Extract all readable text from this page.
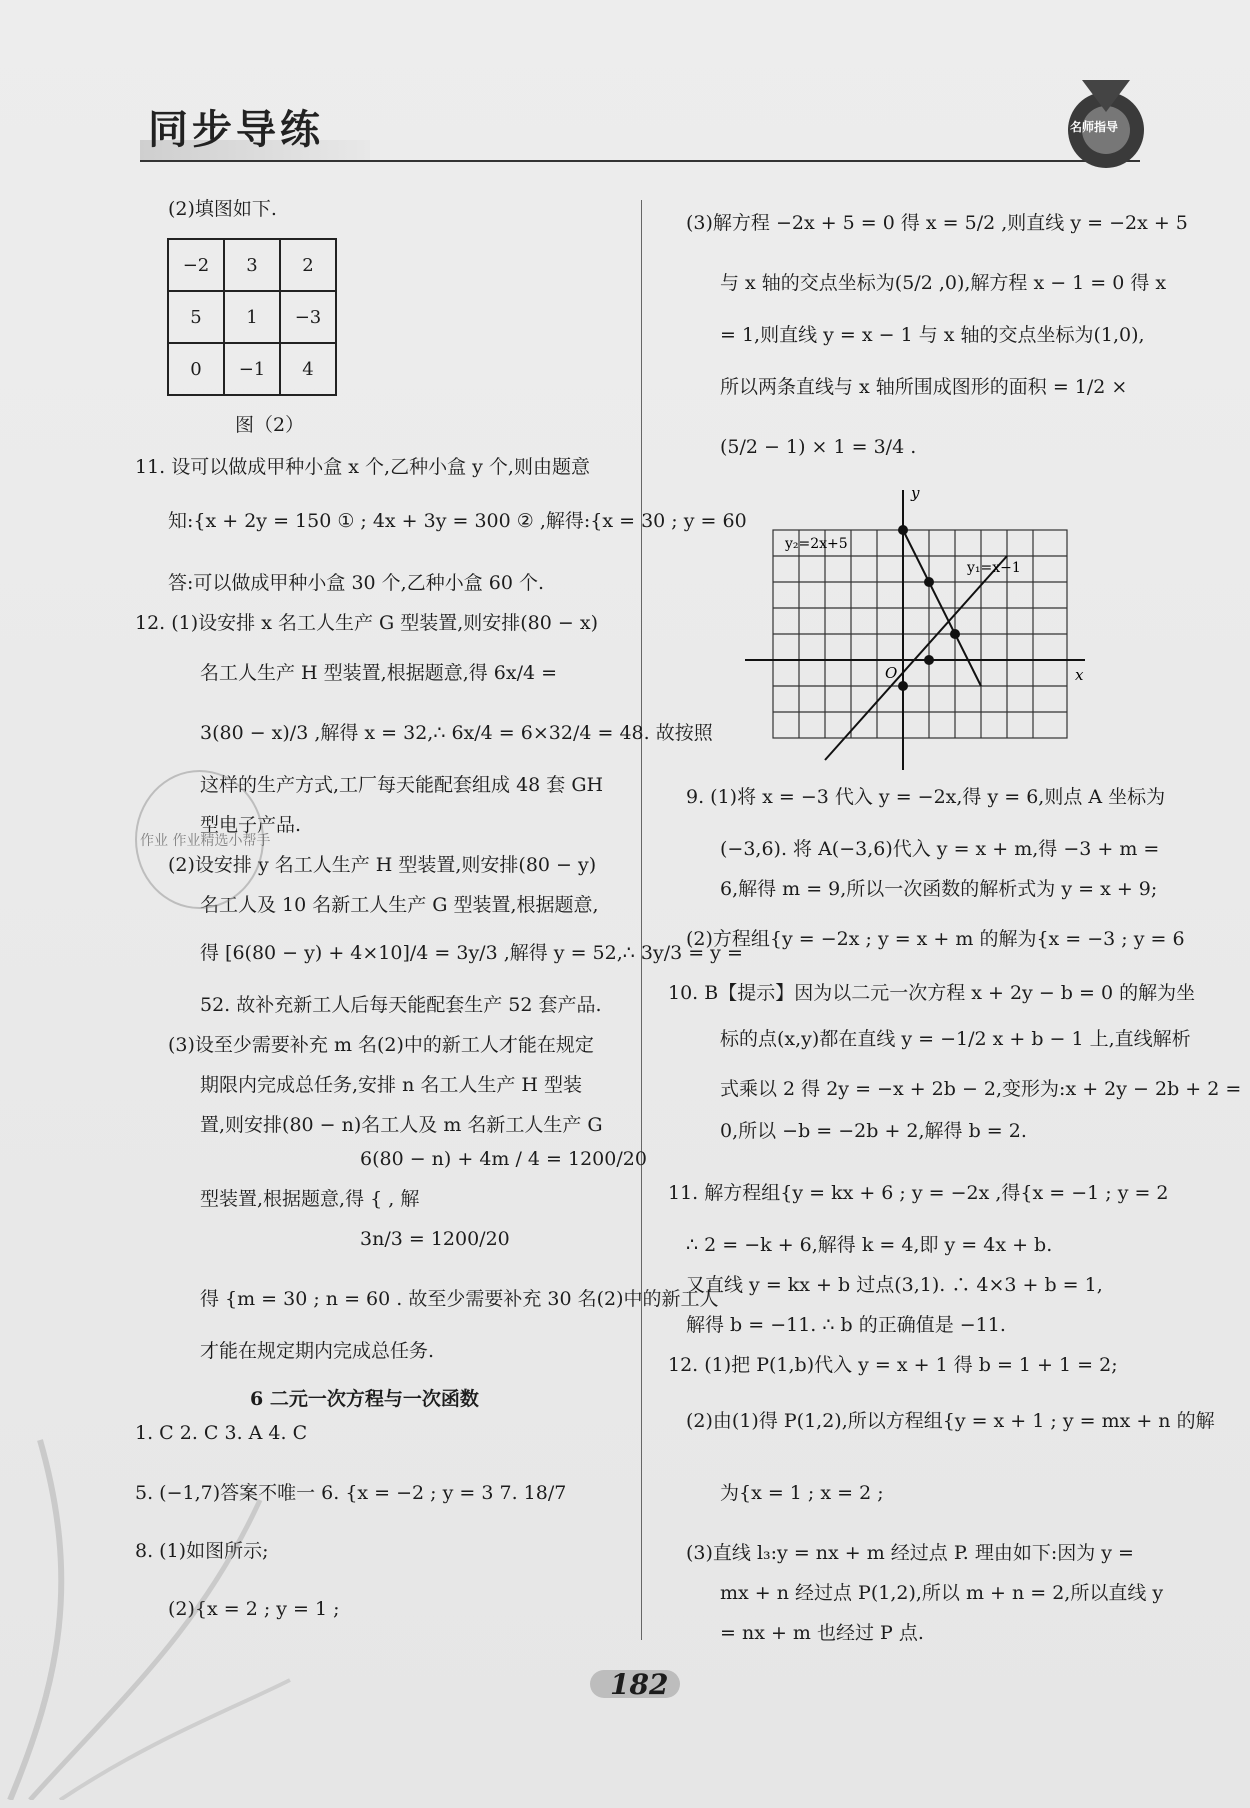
同步导练	名师指导
(2)填图如下.
−2	3	2
5	1	−3
0	−1	4
图（2）
11. 设可以做成甲种小盒 x 个,乙种小盒 y 个,则由题意
知:{x + 2y = 150 ① ; 4x + 3y = 300 ② ,解得:{x = 30 ; y = 60
答:可以做成甲种小盒 30 个,乙种小盒 60 个.
12. (1)设安排 x 名工人生产 G 型装置,则安排(80 − x)
名工人生产 H 型装置,根据题意,得 6x/4 =
3(80 − x)/3 ,解得 x = 32,∴ 6x/4 = 6×32/4 = 48. 故按照
这样的生产方式,工厂每天能配套组成 48 套 GH
型电子产品.
(2)设安排 y 名工人生产 H 型装置,则安排(80 − y)
名工人及 10 名新工人生产 G 型装置,根据题意,
得 [6(80 − y) + 4×10]/4 = 3y/3 ,解得 y = 52,∴ 3y/3 = y =
52. 故补充新工人后每天能配套生产 52 套产品.
(3)设至少需要补充 m 名(2)中的新工人才能在规定
期限内完成总任务,安排 n 名工人生产 H 型装
置,则安排(80 − n)名工人及 m 名新工人生产 G
6(80 − n) + 4m / 4 = 1200/20
型装置,根据题意,得 { , 解
3n/3 = 1200/20
得 {m = 30 ; n = 60 . 故至少需要补充 30 名(2)中的新工人
才能在规定期内完成总任务.
6 二元一次方程与一次函数
1. C 2. C 3. A 4. C
5. (−1,7)答案不唯一 6. {x = −2 ; y = 3 7. 18/7
8. (1)如图所示;
(2){x = 2 ; y = 1 ;
(3)解方程 −2x + 5 = 0 得 x = 5/2 ,则直线 y = −2x + 5
与 x 轴的交点坐标为(5/2 ,0),解方程 x − 1 = 0 得 x
= 1,则直线 y = x − 1 与 x 轴的交点坐标为(1,0),
所以两条直线与 x 轴所围成图形的面积 = 1/2 ×
(5/2 − 1) × 1 = 3/4 .
y₂=2x+5
y₁=x−1
O	x
y
9. (1)将 x = −3 代入 y = −2x,得 y = 6,则点 A 坐标为
(−3,6). 将 A(−3,6)代入 y = x + m,得 −3 + m =
6,解得 m = 9,所以一次函数的解析式为 y = x + 9;
(2)方程组{y = −2x ; y = x + m 的解为{x = −3 ; y = 6
10. B【提示】因为以二元一次方程 x + 2y − b = 0 的解为坐
标的点(x,y)都在直线 y = −1/2 x + b − 1 上,直线解析
式乘以 2 得 2y = −x + 2b − 2,变形为:x + 2y − 2b + 2 =
0,所以 −b = −2b + 2,解得 b = 2.
11. 解方程组{y = kx + 6 ; y = −2x ,得{x = −1 ; y = 2
∴ 2 = −k + 6,解得 k = 4,即 y = 4x + b.
又直线 y = kx + b 过点(3,1). ∴ 4×3 + b = 1,
解得 b = −11. ∴ b 的正确值是 −11.
12. (1)把 P(1,b)代入 y = x + 1 得 b = 1 + 1 = 2;
(2)由(1)得 P(1,2),所以方程组{y = x + 1 ; y = mx + n 的解
为{x = 1 ; x = 2 ;
(3)直线 l₃:y = nx + m 经过点 P. 理由如下:因为 y =
mx + n 经过点 P(1,2),所以 m + n = 2,所以直线 y
= nx + m 也经过 P 点.
作业 作业精选小帮手
182
